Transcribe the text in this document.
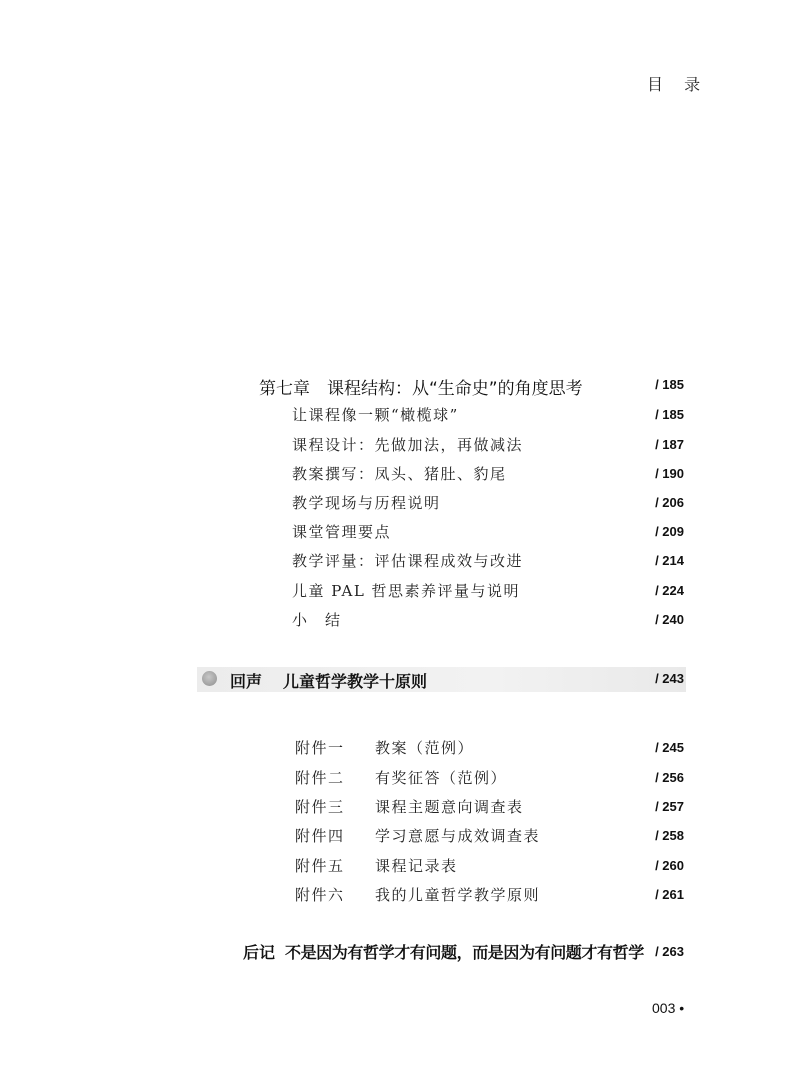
目 录
第七章　课程结构：从“生命史”的角度思考	/ 185
让课程像一颗“橄榄球”	/ 185
课程设计：先做加法，再做减法	/ 187
教案撰写：凤头、猪肚、豹尾	/ 190
教学现场与历程说明	/ 206
课堂管理要点	/ 209
教学评量：评估课程成效与改进	/ 214
儿童 PAL 哲思素养评量与说明	/ 224
小　结	/ 240
回声 儿童哲学教学十原则	/ 243
附件一 教案（范例）	/ 245
附件二 有奖征答（范例）	/ 256
附件三 课程主题意向调查表	/ 257
附件四 学习意愿与成效调查表	/ 258
附件五 课程记录表	/ 260
附件六 我的儿童哲学教学原则	/ 261
后记 不是因为有哲学才有问题，而是因为有问题才有哲学 / 263
003 •
